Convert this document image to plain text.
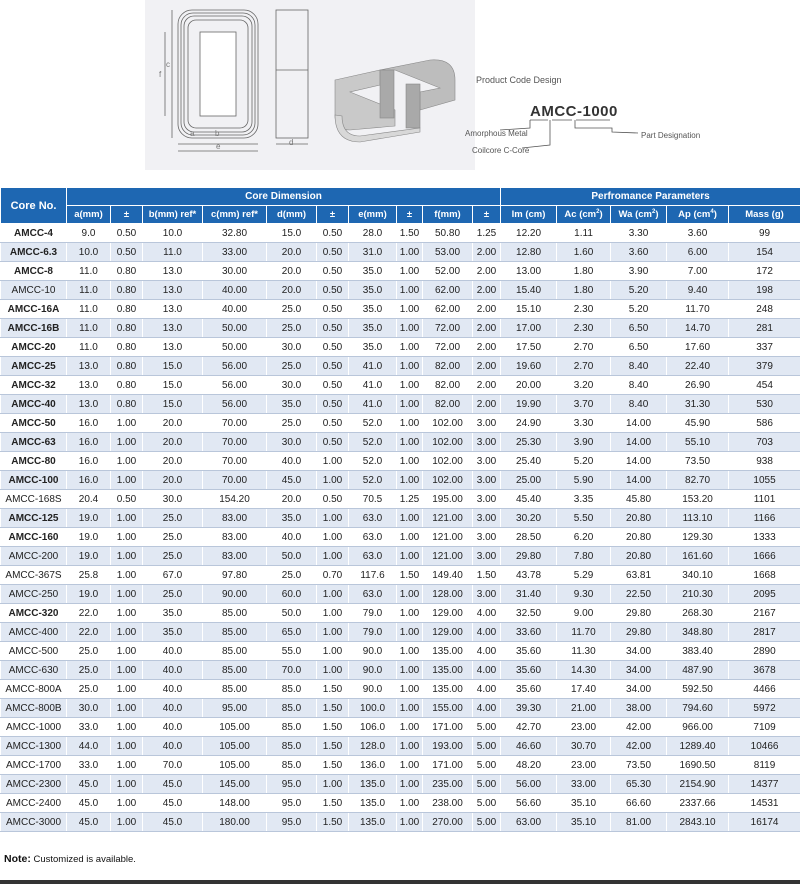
a	b
c
d
e
f
Product Code Design
AMCC-1000
Amorphous Metal
Coilcore C-Core
Part Designation
Core No.	Core Dimension										Perfromance Parameters				
	a(mm)	±	b(mm) ref*	c(mm) ref*	d(mm)	±	e(mm)	±	f(mm)	±	lm (cm)	Ac $(cm^2)$	Wa $(cm^2)$	Ap $(cm^4)$	Mass (g)
AMCC-4	9.0	0.50	10.0	32.80	15.0	0.50	28.0	1.50	50.80	1.25	12.20	1.11	3.30	3.60	99
AMCC-6.3	10.0	0.50	11.0	33.00	20.0	0.50	31.0	1.00	53.00	2.00	12.80	1.60	3.60	6.00	154
AMCC-8	11.0	0.80	13.0	30.00	20.0	0.50	35.0	1.00	52.00	2.00	13.00	1.80	3.90	7.00	172
AMCC-10	11.0	0.80	13.0	40.00	20.0	0.50	35.0	1.00	62.00	2.00	15.40	1.80	5.20	9.40	198
AMCC-16A	11.0	0.80	13.0	40.00	25.0	0.50	35.0	1.00	62.00	2.00	15.10	2.30	5.20	11.70	248
AMCC-16B	11.0	0.80	13.0	50.00	25.0	0.50	35.0	1.00	72.00	2.00	17.00	2.30	6.50	14.70	281
AMCC-20	11.0	0.80	13.0	50.00	30.0	0.50	35.0	1.00	72.00	2.00	17.50	2.70	6.50	17.60	337
AMCC-25	13.0	0.80	15.0	56.00	25.0	0.50	41.0	1.00	82.00	2.00	19.60	2.70	8.40	22.40	379
AMCC-32	13.0	0.80	15.0	56.00	30.0	0.50	41.0	1.00	82.00	2.00	20.00	3.20	8.40	26.90	454
AMCC-40	13.0	0.80	15.0	56.00	35.0	0.50	41.0	1.00	82.00	2.00	19.90	3.70	8.40	31.30	530
AMCC-50	16.0	1.00	20.0	70.00	25.0	0.50	52.0	1.00	102.00	3.00	24.90	3.30	14.00	45.90	586
AMCC-63	16.0	1.00	20.0	70.00	30.0	0.50	52.0	1.00	102.00	3.00	25.30	3.90	14.00	55.10	703
AMCC-80	16.0	1.00	20.0	70.00	40.0	1.00	52.0	1.00	102.00	3.00	25.40	5.20	14.00	73.50	938
AMCC-100	16.0	1.00	20.0	70.00	45.0	1.00	52.0	1.00	102.00	3.00	25.00	5.90	14.00	82.70	1055
AMCC-168S	20.4	0.50	30.0	154.20	20.0	0.50	70.5	1.25	195.00	3.00	45.40	3.35	45.80	153.20	1101
AMCC-125	19.0	1.00	25.0	83.00	35.0	1.00	63.0	1.00	121.00	3.00	30.20	5.50	20.80	113.10	1166
AMCC-160	19.0	1.00	25.0	83.00	40.0	1.00	63.0	1.00	121.00	3.00	28.50	6.20	20.80	129.30	1333
AMCC-200	19.0	1.00	25.0	83.00	50.0	1.00	63.0	1.00	121.00	3.00	29.80	7.80	20.80	161.60	1666
AMCC-367S	25.8	1.00	67.0	97.80	25.0	0.70	117.6	1.50	149.40	1.50	43.78	5.29	63.81	340.10	1668
AMCC-250	19.0	1.00	25.0	90.00	60.0	1.00	63.0	1.00	128.00	3.00	31.40	9.30	22.50	210.30	2095
AMCC-320	22.0	1.00	35.0	85.00	50.0	1.00	79.0	1.00	129.00	4.00	32.50	9.00	29.80	268.30	2167
AMCC-400	22.0	1.00	35.0	85.00	65.0	1.00	79.0	1.00	129.00	4.00	33.60	11.70	29.80	348.80	2817
AMCC-500	25.0	1.00	40.0	85.00	55.0	1.00	90.0	1.00	135.00	4.00	35.60	11.30	34.00	383.40	2890
AMCC-630	25.0	1.00	40.0	85.00	70.0	1.00	90.0	1.00	135.00	4.00	35.60	14.30	34.00	487.90	3678
AMCC-800A	25.0	1.00	40.0	85.00	85.0	1.50	90.0	1.00	135.00	4.00	35.60	17.40	34.00	592.50	4466
AMCC-800B	30.0	1.00	40.0	95.00	85.0	1.50	100.0	1.00	155.00	4.00	39.30	21.00	38.00	794.60	5972
AMCC-1000	33.0	1.00	40.0	105.00	85.0	1.50	106.0	1.00	171.00	5.00	42.70	23.00	42.00	966.00	7109
AMCC-1300	44.0	1.00	40.0	105.00	85.0	1.50	128.0	1.00	193.00	5.00	46.60	30.70	42.00	1289.40	10466
AMCC-1700	33.0	1.00	70.0	105.00	85.0	1.50	136.0	1.00	171.00	5.00	48.20	23.00	73.50	1690.50	8119
AMCC-2300	45.0	1.00	45.0	145.00	95.0	1.00	135.0	1.00	235.00	5.00	56.00	33.00	65.30	2154.90	14377
AMCC-2400	45.0	1.00	45.0	148.00	95.0	1.50	135.0	1.00	238.00	5.00	56.60	35.10	66.60	2337.66	14531
AMCC-3000	45.0	1.00	45.0	180.00	95.0	1.50	135.0	1.00	270.00	5.00	63.00	35.10	81.00	2843.10	16174
Note: Customized is available.
